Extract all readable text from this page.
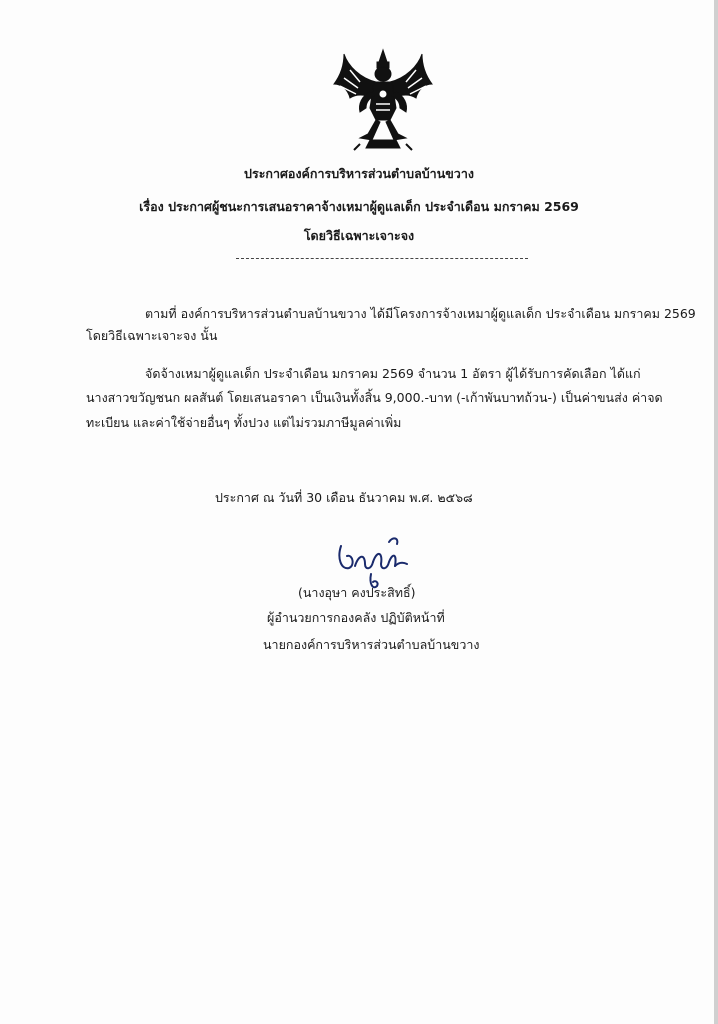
ประกาศองค์การบริหารส่วนตำบลบ้านขวาง
เรื่อง ประกาศผู้ชนะการเสนอราคาจ้างเหมาผู้ดูแลเด็ก ประจำเดือน มกราคม 2569
โดยวิธีเฉพาะเจาะจง
ตามที่ องค์การบริหารส่วนตำบลบ้านขวาง ได้มีโครงการจ้างเหมาผู้ดูแลเด็ก ประจำเดือน มกราคม 2569
โดยวิธีเฉพาะเจาะจง นั้น
จัดจ้างเหมาผู้ดูแลเด็ก ประจำเดือน มกราคม 2569 จำนวน 1 อัตรา ผู้ได้รับการคัดเลือก ได้แก่
นางสาวขวัญชนก ผลสันต์ โดยเสนอราคา เป็นเงินทั้งสิ้น 9,000.-บาท (-เก้าพันบาทถ้วน-) เป็นค่าขนส่ง ค่าจด
ทะเบียน และค่าใช้จ่ายอื่นๆ ทั้งปวง แต่ไม่รวมภาษีมูลค่าเพิ่ม
ประกาศ ณ วันที่ 30 เดือน ธันวาคม พ.ศ. ๒๕๖๘
(นางอุษา คงประสิทธิ์)
ผู้อำนวยการกองคลัง ปฏิบัติหน้าที่
นายกองค์การบริหารส่วนตำบลบ้านขวาง
